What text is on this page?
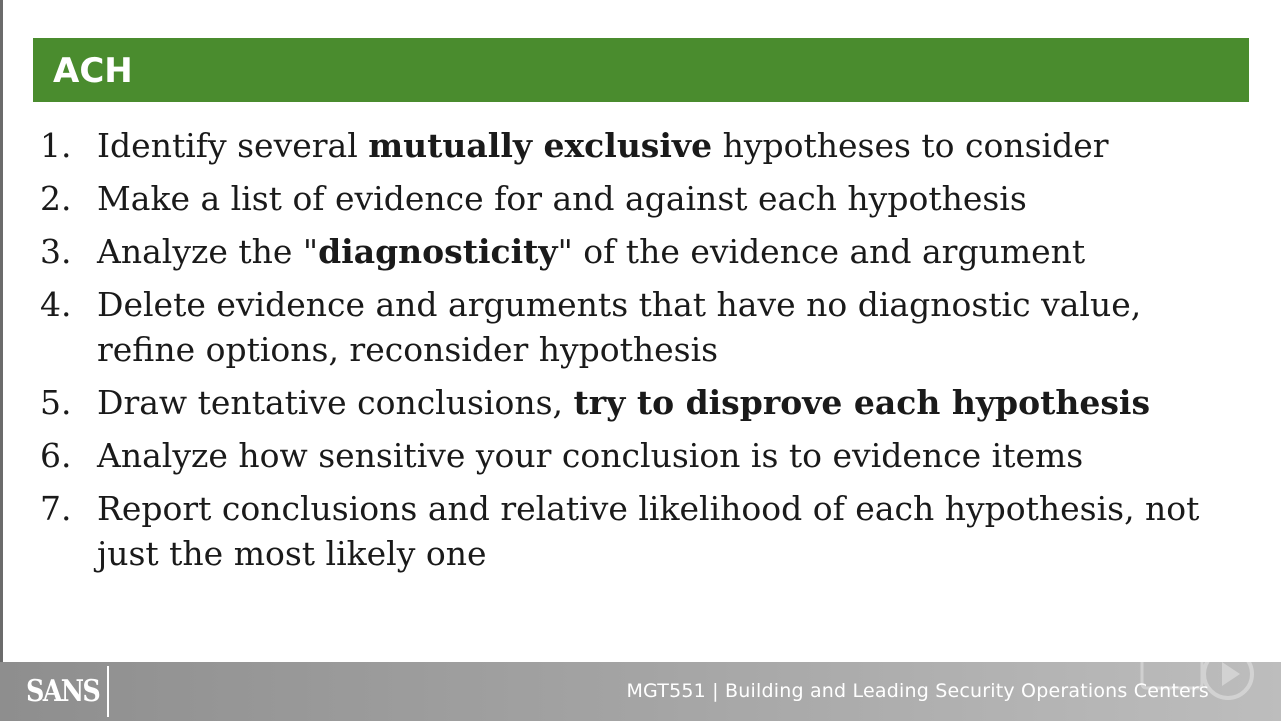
ACH
1. Identify several mutually exclusive hypotheses to consider
2. Make a list of evidence for and against each hypothesis
3. Analyze the "diagnosticity" of the evidence and argument
4. Delete evidence and arguments that have no diagnostic value, refine options, reconsider hypothesis
5. Draw tentative conclusions, try to disprove each hypothesis
6. Analyze how sensitive your conclusion is to evidence items
7. Report conclusions and relative likelihood of each hypothesis, not just the most likely one
SANS	MGT551 | Building and Leading Security Operations Centers
